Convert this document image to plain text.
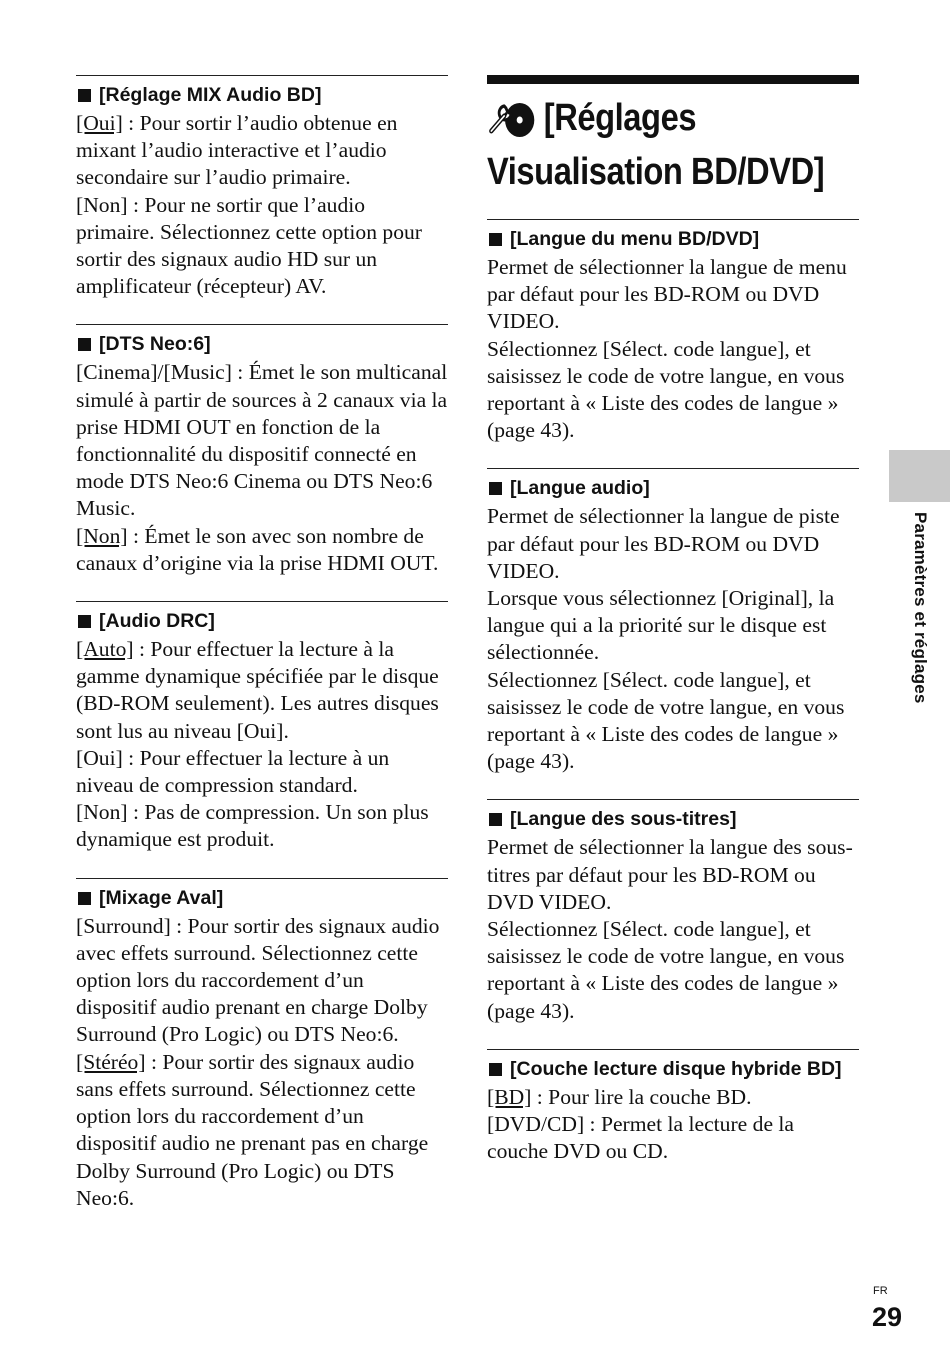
[Réglage MIX Audio BD]

[Oui] : Pour sortir l’audio obtenue en mixant l’audio interactive et l’audio secondaire sur l’audio primaire.

[Non] : Pour ne sortir que l’audio primaire. Sélectionnez cette option pour sortir des signaux audio HD sur un amplificateur (récepteur) AV.

[DTS Neo:6]

[Cinema]/[Music] : Émet le son multicanal simulé à partir de sources à 2 canaux via la prise HDMI OUT en fonction de la fonctionnalité du dispositif connecté en mode DTS Neo:6 Cinema ou DTS Neo:6 Music.

[Non] : Émet le son avec son nombre de canaux d’origine via la prise HDMI OUT.

[Audio DRC]

[Auto] : Pour effectuer la lecture à la gamme dynamique spécifiée par le disque (BD-ROM seulement). Les autres disques sont lus au niveau [Oui].

[Oui] : Pour effectuer la lecture à un niveau de compression standard.

[Non] : Pas de compression. Un son plus dynamique est produit.

[Mixage Aval]

[Surround] : Pour sortir des signaux audio avec effets surround. Sélectionnez cette option lors du raccordement d’un dispositif audio prenant en charge Dolby Surround (Pro Logic) ou DTS Neo:6.

[Stéréo] : Pour sortir des signaux audio sans effets surround. Sélectionnez cette option lors du raccordement d’un dispositif audio ne prenant pas en charge Dolby Surround (Pro Logic) ou DTS Neo:6.

[Réglages
Visualisation BD/DVD]
[Langue du menu BD/DVD]

Permet de sélectionner la langue de menu par défaut pour les BD-ROM ou DVD VIDEO.

Sélectionnez [Sélect. code langue], et saisissez le code de votre langue, en vous reportant à « Liste des codes de langue » (page 43).

[Langue audio]

Permet de sélectionner la langue de piste par défaut pour les BD-ROM ou DVD VIDEO.

Lorsque vous sélectionnez [Original], la langue qui a la priorité sur le disque est sélectionnée.

Sélectionnez [Sélect. code langue], et saisissez le code de votre langue, en vous reportant à « Liste des codes de langue » (page 43).

[Langue des sous-titres]

Permet de sélectionner la langue des sous-titres par défaut pour les BD-ROM ou DVD VIDEO.

Sélectionnez [Sélect. code langue], et saisissez le code de votre langue, en vous reportant à « Liste des codes de langue » (page 43).

[Couche lecture disque hybride BD]

[BD] : Pour lire la couche BD.

[DVD/CD] : Permet la lecture de la couche DVD ou CD.

Paramètres et réglages
FR
29
